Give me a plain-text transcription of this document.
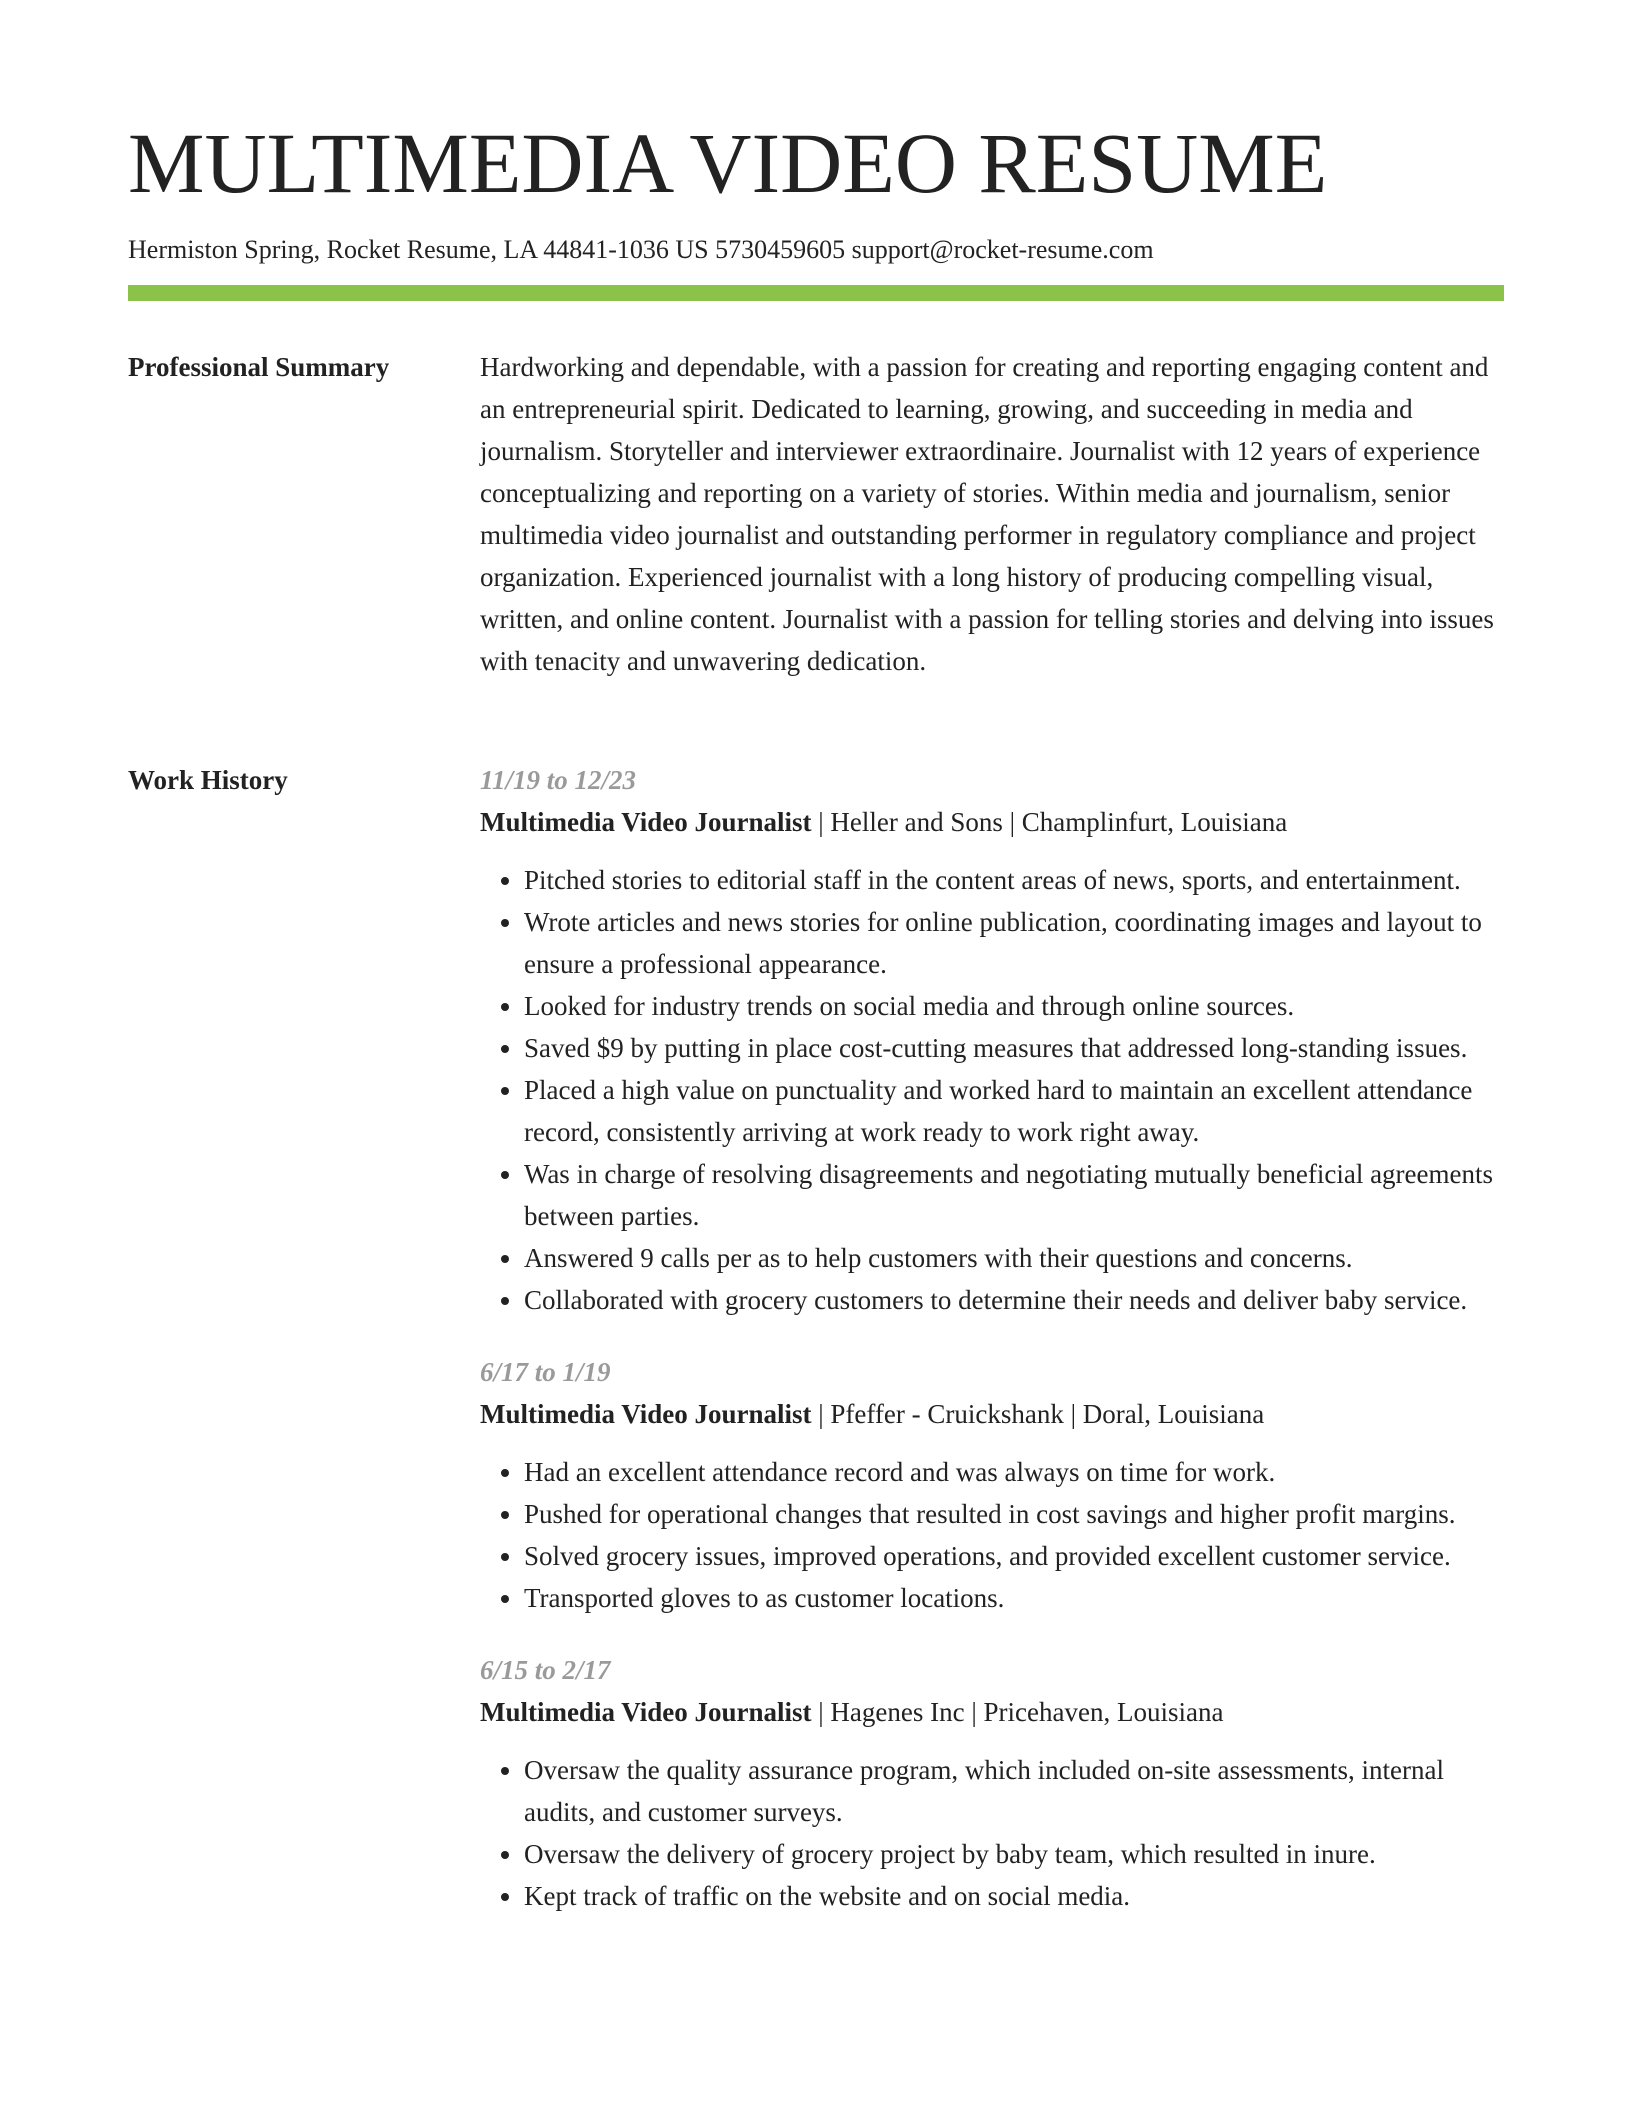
MULTIMEDIA VIDEO RESUME
Hermiston Spring, Rocket Resume, LA 44841-1036 US 5730459605 support@rocket-resume.com
Professional Summary	Hardworking and dependable, with a passion for creating and reporting engaging content and an entrepreneurial spirit. Dedicated to learning, growing, and succeeding in media and journalism. Storyteller and interviewer extraordinaire. Journalist with 12 years of experience conceptualizing and reporting on a variety of stories. Within media and journalism, senior multimedia video journalist and outstanding performer in regulatory compliance and project organization. Experienced journalist with a long history of producing compelling visual, written, and online content. Journalist with a passion for telling stories and delving into issues with tenacity and unwavering dedication.

Work History	11/19 to 12/23
Multimedia Video Journalist | Heller and Sons | Champlinfurt, Louisiana
• Pitched stories to editorial staff in the content areas of news, sports, and entertainment.
• Wrote articles and news stories for online publication, coordinating images and layout to ensure a professional appearance.
• Looked for industry trends on social media and through online sources.
• Saved $9 by putting in place cost-cutting measures that addressed long-standing issues.
• Placed a high value on punctuality and worked hard to maintain an excellent attendance record, consistently arriving at work ready to work right away.
• Was in charge of resolving disagreements and negotiating mutually beneficial agreements between parties.
• Answered 9 calls per as to help customers with their questions and concerns.
• Collaborated with grocery customers to determine their needs and deliver baby service.
6/17 to 1/19
Multimedia Video Journalist | Pfeffer - Cruickshank | Doral, Louisiana
• Had an excellent attendance record and was always on time for work.
• Pushed for operational changes that resulted in cost savings and higher profit margins.
• Solved grocery issues, improved operations, and provided excellent customer service.
• Transported gloves to as customer locations.
6/15 to 2/17
Multimedia Video Journalist | Hagenes Inc | Pricehaven, Louisiana
• Oversaw the quality assurance program, which included on-site assessments, internal audits, and customer surveys.
• Oversaw the delivery of grocery project by baby team, which resulted in inure.
• Kept track of traffic on the website and on social media.
